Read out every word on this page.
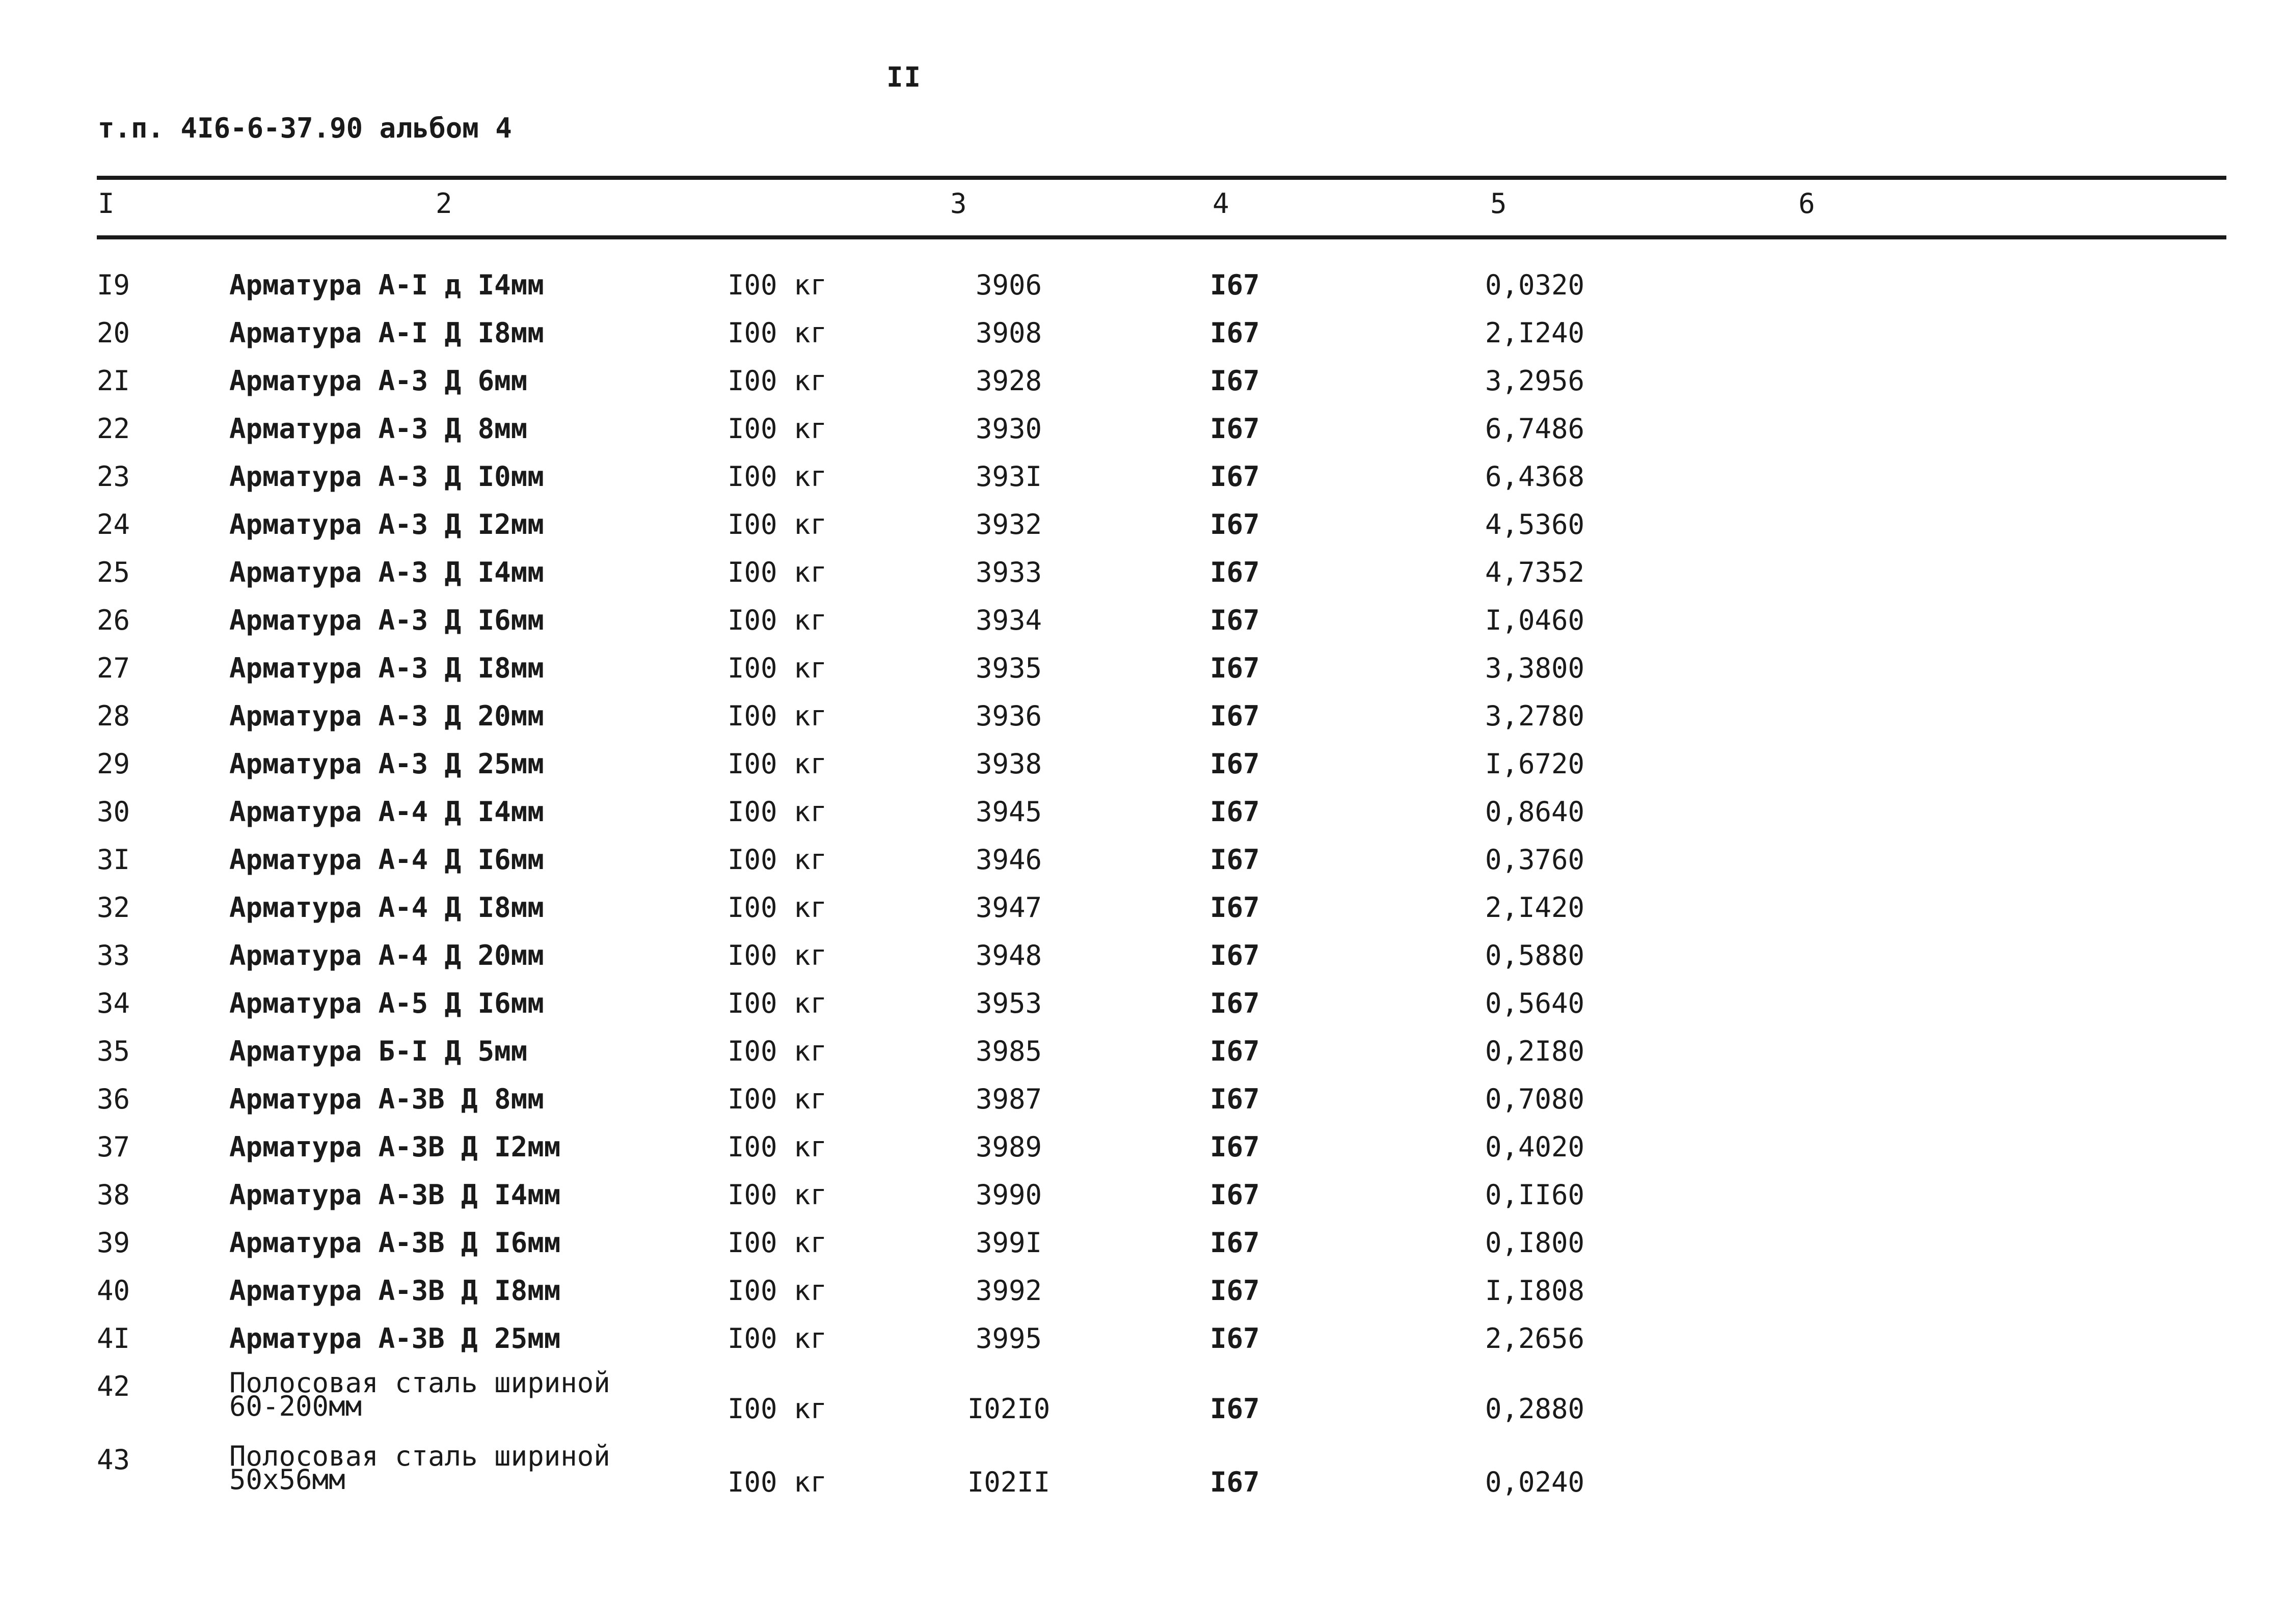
II
т.п. 4I6-6-37.90 альбом 4
I	2	3	4	5	6
I9	Арматура А-I д I4мм	I00 кг	3906	I67	0,0320
20	Арматура А-I Д I8мм	I00 кг	3908	I67	2,I240
2I	Арматура А-3 Д 6мм	I00 кг	3928	I67	3,2956
22	Арматура А-3 Д 8мм	I00 кг	3930	I67	6,7486
23	Арматура А-3 Д I0мм	I00 кг	393I	I67	6,4368
24	Арматура А-3 Д I2мм	I00 кг	3932	I67	4,5360
25	Арматура А-3 Д I4мм	I00 кг	3933	I67	4,7352
26	Арматура А-3 Д I6мм	I00 кг	3934	I67	I,0460
27	Арматура А-3 Д I8мм	I00 кг	3935	I67	3,3800
28	Арматура А-3 Д 20мм	I00 кг	3936	I67	3,2780
29	Арматура А-3 Д 25мм	I00 кг	3938	I67	I,6720
30	Арматура А-4 Д I4мм	I00 кг	3945	I67	0,8640
3I	Арматура А-4 Д I6мм	I00 кг	3946	I67	0,3760
32	Арматура А-4 Д I8мм	I00 кг	3947	I67	2,I420
33	Арматура А-4 Д 20мм	I00 кг	3948	I67	0,5880
34	Арматура А-5 Д I6мм	I00 кг	3953	I67	0,5640
35	Арматура Б-I Д 5мм	I00 кг	3985	I67	0,2I80
36	Арматура А-3В Д 8мм	I00 кг	3987	I67	0,7080
37	Арматура А-3В Д I2мм	I00 кг	3989	I67	0,4020
38	Арматура А-3В Д I4мм	I00 кг	3990	I67	0,II60
39	Арматура А-3В Д I6мм	I00 кг	399I	I67	0,I800
40	Арматура А-3В Д I8мм	I00 кг	3992	I67	I,I808
4I	Арматура А-3В Д 25мм	I00 кг	3995	I67	2,2656
42	Полосовая сталь шириной
60-200мм	I00 кг	I02I0	I67	0,2880
43	Полосовая сталь шириной
50х56мм	I00 кг	I02II	I67	0,0240
